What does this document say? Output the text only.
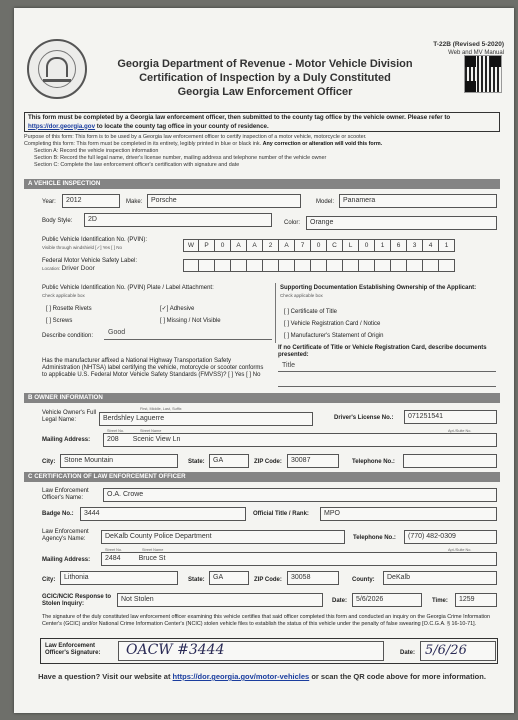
T-22B (Revised 5-2020)
Web and MV Manual
Georgia Department of Revenue - Motor Vehicle Division
Certification of Inspection by a Duly Constituted
Georgia Law Enforcement Officer
This form must be completed by a Georgia law enforcement officer, then submitted to the county tag office by the vehicle owner. Please refer to https://dor.georgia.gov to locate the county tag office in your county of residence.
Purpose of this form: This form is to be used by a Georgia law enforcement officer to certify inspection of a motor vehicle, motorcycle or scooter.
Completing this form: This form must be completed in its entirety, legibly printed in blue or black ink. Any correction or alteration will void this form.
Section A: Record the vehicle inspection information
Section B: Record the full legal name, driver's license number, mailing address and telephone number of the vehicle owner
Section C: Complete the law enforcement officer's certification with signature and date
A VEHICLE INSPECTION
Year:	2012	Make:	Porsche	Model:	Panamera
Body Style:	2D	Color:	Orange
Public Vehicle Identification No. (PVIN):
Visible through windshield [✓] Yes [ ] No	W	P	0	A	A	2	A	7	0	C	L	0	1	6	3	4	1
Federal Motor Vehicle Safety Label:
Location: Driver Door
Public Vehicle Identification No. (PVIN) Plate / Label Attachment:
Check applicable box
[ ] Rosette Rivets	[✓] Adhesive
[ ] Screws	[ ] Missing / Not Visible
Describe condition: Good
Supporting Documentation Establishing Ownership of the Applicant:
Check applicable box
[ ] Certificate of Title
[ ] Vehicle Registration Card / Notice
[ ] Manufacturer's Statement of Origin
Has the manufacturer affixed a National Highway Transportation Safety Administration (NHTSA) label certifying the vehicle, motorcycle or scooter conforms to applicable U.S. Federal Motor Vehicle Safety Standards (FMVSS)? [ ] Yes [ ] No
If no Certificate of Title or Vehicle Registration Card, describe documents presented:
Title
B OWNER INFORMATION
Vehicle Owner's Full Legal Name:
First, Middle, Last, Suffix
Berdshley Laguerre	Driver's License No.:	071251541
Mailing Address:
Street No.	Street Name	Apt./Suite No.
208 Scenic View Ln
City:	Stone Mountain	State:	GA	ZIP Code:	30087	Telephone No.:
C CERTIFICATION OF LAW ENFORCEMENT OFFICER
Law Enforcement Officer's Name:	O.A. Crowe
Badge No.:	3444	Official Title / Rank:	MPO
Law Enforcement Agency's Name:	DeKalb County Police Department	Telephone No.:	(770) 482-0309
Mailing Address:
Street No.	Street Name	Apt./Suite No.
2484	Bruce St
City:	Lithonia	State:	GA	ZIP Code:	30058	County:	DeKalb
GCIC/NCIC Response to Stolen Inquiry:
Not Stolen	Date:	5/6/2026	Time:	1259
The signature of the duly constituted law enforcement officer examining this vehicle certifies that said officer completed this form and conducted an inquiry on the Georgia Crime Information Center's (GCIC) and/or National Crime Information Center's (NCIC) stolen vehicle files to establish the status of this vehicle under the penalty of false swearing [O.C.G.A. § 16-10-71].
Law Enforcement Officer's Signature:	OACW #3444	Date: 5/6/26
Have a question? Visit our website at https://dor.georgia.gov/motor-vehicles or scan the QR code above for more information.
